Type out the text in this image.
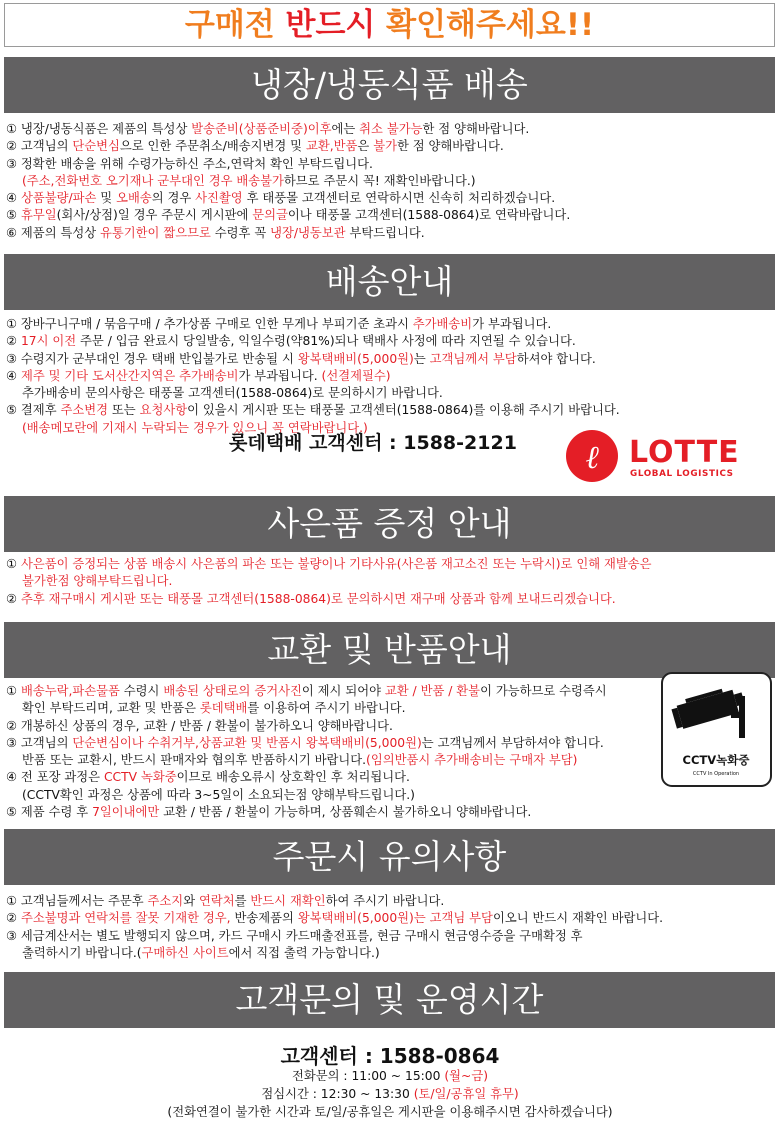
구매전 반드시 확인해주세요!!
냉장/냉동식품 배송
① 냉장/냉동식품은 제품의 특성상 발송준비(상품준비중)이후에는 취소 불가능한 점 양해바랍니다.
② 고객님의 단순변심으로 인한 주문취소/배송지변경 및 교환,반품은 불가한 점 양해바랍니다.
③ 정확한 배송을 위해 수령가능하신 주소,연락처 확인 부탁드립니다.
(주소,전화번호 오기재나 군부대인 경우 배송불가하므로 주문시 꼭! 재확인바랍니다.)
④ 상품불량/파손 및 오배송의 경우 사진촬영 후 태풍몰 고객센터로 연락하시면 신속히 처리하겠습니다.
⑤ 휴무일(회사/상점)일 경우 주문시 게시판에 문의글이나 태풍몰 고객센터(1588-0864)로 연락바랍니다.
⑥ 제품의 특성상 유통기한이 짧으므로 수령후 꼭 냉장/냉동보관 부탁드립니다.
배송안내
① 장바구니구매 / 묶음구매 / 추가상품 구매로 인한 무게나 부피기준 초과시 추가배송비가 부과됩니다.
② 17시 이전 주문 / 입금 완료시 당일발송, 익일수령(약81%)되나 택배사 사정에 따라 지연될 수 있습니다.
③ 수령지가 군부대인 경우 택배 반입불가로 반송될 시 왕복택배비(5,000원)는 고객님께서 부담하셔야 합니다.
④ 제주 및 기타 도서산간지역은 추가배송비가 부과됩니다. (선결제필수)
추가배송비 문의사항은 태풍몰 고객센터(1588-0864)로 문의하시기 바랍니다.
⑤ 결제후 주소변경 또는 요청사항이 있을시 게시판 또는 태풍몰 고객센터(1588-0864)를 이용해 주시기 바랍니다.
(배송메모란에 기재시 누락되는 경우가 있으니 꼭 연락바랍니다.)
롯데택배 고객센터 : 1588-2121 ℓ LOTTE
GLOBAL LOGISTICS
사은품 증정 안내
① 사은품이 증정되는 상품 배송시 사은품의 파손 또는 불량이나 기타사유(사은품 재고소진 또는 누락시)로 인해 재발송은
불가한점 양해부탁드립니다.
② 추후 재구매시 게시판 또는 태풍몰 고객센터(1588-0864)로 문의하시면 재구매 상품과 함께 보내드리겠습니다.
교환 및 반품안내
① 배송누락,파손물품 수령시 배송된 상태로의 증거사진이 제시 되어야 교환 / 반품 / 환불이 가능하므로 수령즉시
확인 부탁드리며, 교환 및 반품은 롯데택배를 이용하여 주시기 바랍니다.
② 개봉하신 상품의 경우, 교환 / 반품 / 환불이 불가하오니 양해바랍니다.
③ 고객님의 단순변심이나 수취거부,상품교환 및 반품시 왕복택배비(5,000원)는 고객님께서 부담하셔야 합니다.
반품 또는 교환시, 반드시 판매자와 협의후 반품하시기 바랍니다.(임의반품시 추가배송비는 구매자 부담)
④ 전 포장 과정은 CCTV 녹화중이므로 배송오류시 상호확인 후 처리됩니다.
(CCTV확인 과정은 상품에 따라 3~5일이 소요되는점 양해부탁드립니다.)
⑤ 제품 수령 후 7일이내에만 교환 / 반품 / 환불이 가능하며, 상품훼손시 불가하오니 양해바랍니다.
CCTV녹화중
CCTV In Operation
주문시 유의사항
① 고객님들께서는 주문후 주소지와 연락처를 반드시 재확인하여 주시기 바랍니다.
② 주소불명과 연락처를 잘못 기재한 경우, 반송제품의 왕복택배비(5,000원)는 고객님 부담이오니 반드시 재확인 바랍니다.
③ 세금계산서는 별도 발행되지 않으며, 카드 구매시 카드매출전표를, 현금 구매시 현금영수증을 구매확정 후
출력하시기 바랍니다.(구매하신 사이트에서 직접 출력 가능합니다.)
고객문의 및 운영시간
고객센터 : 1588-0864
전화문의 : 11:00 ~ 15:00 (월~금)
점심시간 : 12:30 ~ 13:30 (토/일/공휴일 휴무)
(전화연결이 불가한 시간과 토/일/공휴일은 게시판을 이용해주시면 감사하겠습니다)
